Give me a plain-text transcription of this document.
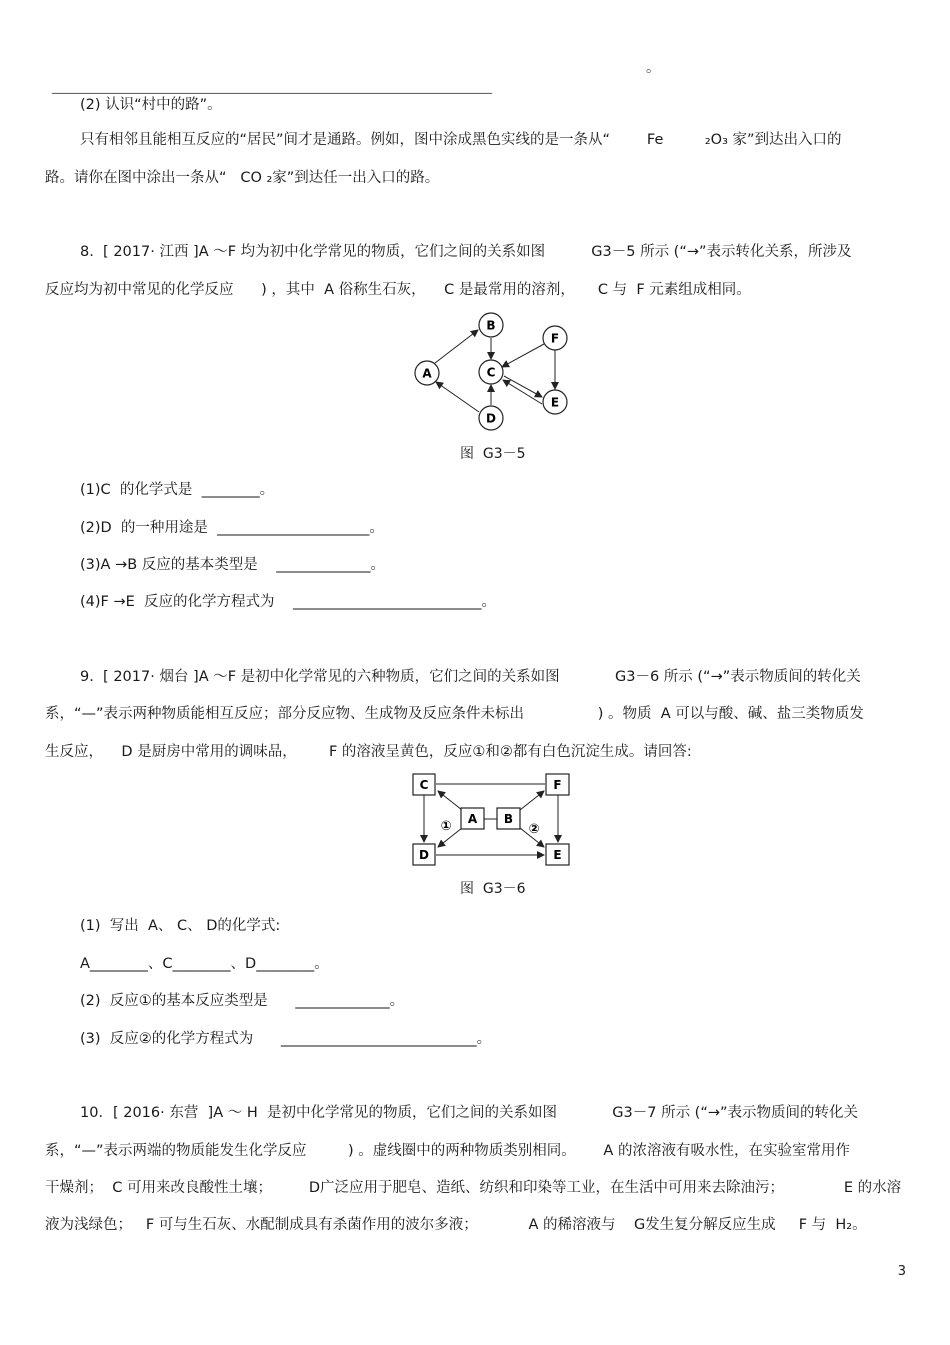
________________________________________________________________________________

。
(2) 认识“村中的路”。
只有相邻且能相互反应的“居民”间才是通路。例如，图中涂成黑色实线的是一条从“        Fe         ₂O₃ 家”到达出入口的
路。请你在图中涂出一条从“   CO ₂家”到达任一出入口的路。
8.  [ 2017· 江西 ]A ～F 均为初中化学常见的物质，它们之间的关系如图          G3－5 所示 (“→”表示转化关系，所涉及
反应均为初中常见的化学反应      ) ，其中  A 俗称生石灰，    C 是最常用的溶剂，     C 与  F 元素组成相同。
A
B
C
D
E
F
图  G3－5
(1)C  的化学式是  ________。
(2)D  的一种用途是  _____________________。
(3)A →B 反应的基本类型是    _____________。
(4)F →E  反应的化学方程式为    __________________________。
9.  [ 2017· 烟台 ]A ～F 是初中化学常见的六种物质，它们之间的关系如图            G3－6 所示 (“→”表示物质间的转化关
系，“—”表示两种物质能相互反应；部分反应物、生成物及反应条件未标出                ) 。物质  A 可以与酸、碱、盐三类物质发
生反应，    D 是厨房中常用的调味品，       F 的溶液呈黄色，反应①和②都有白色沉淀生成。请回答:
C	F
A B
D	E
①	②
图  G3－6
(1)  写出  A、 C、 D的化学式:
A________、C________、D________。
(2)  反应①的基本反应类型是      _____________。
(3)  反应②的化学方程式为      ___________________________。
10．[ 2016· 东营  ]A ～ H  是初中化学常见的物质，它们之间的关系如图            G3－7 所示 (“→”表示物质间的转化关
系，“—”表示两端的物质能发生化学反应         ) 。虚线圈中的两种物质类别相同。      A 的浓溶液有吸水性，在实验室常用作
干燥剂；  C 可用来改良酸性土壤；        D广泛应用于肥皂、造纸、纺织和印染等工业，在生活中可用来去除油污；             E 的水溶
液为浅绿色；   F 可与生石灰、水配制成具有杀菌作用的波尔多液；           A 的稀溶液与    G发生复分解反应生成     F 与  H₂。
3
